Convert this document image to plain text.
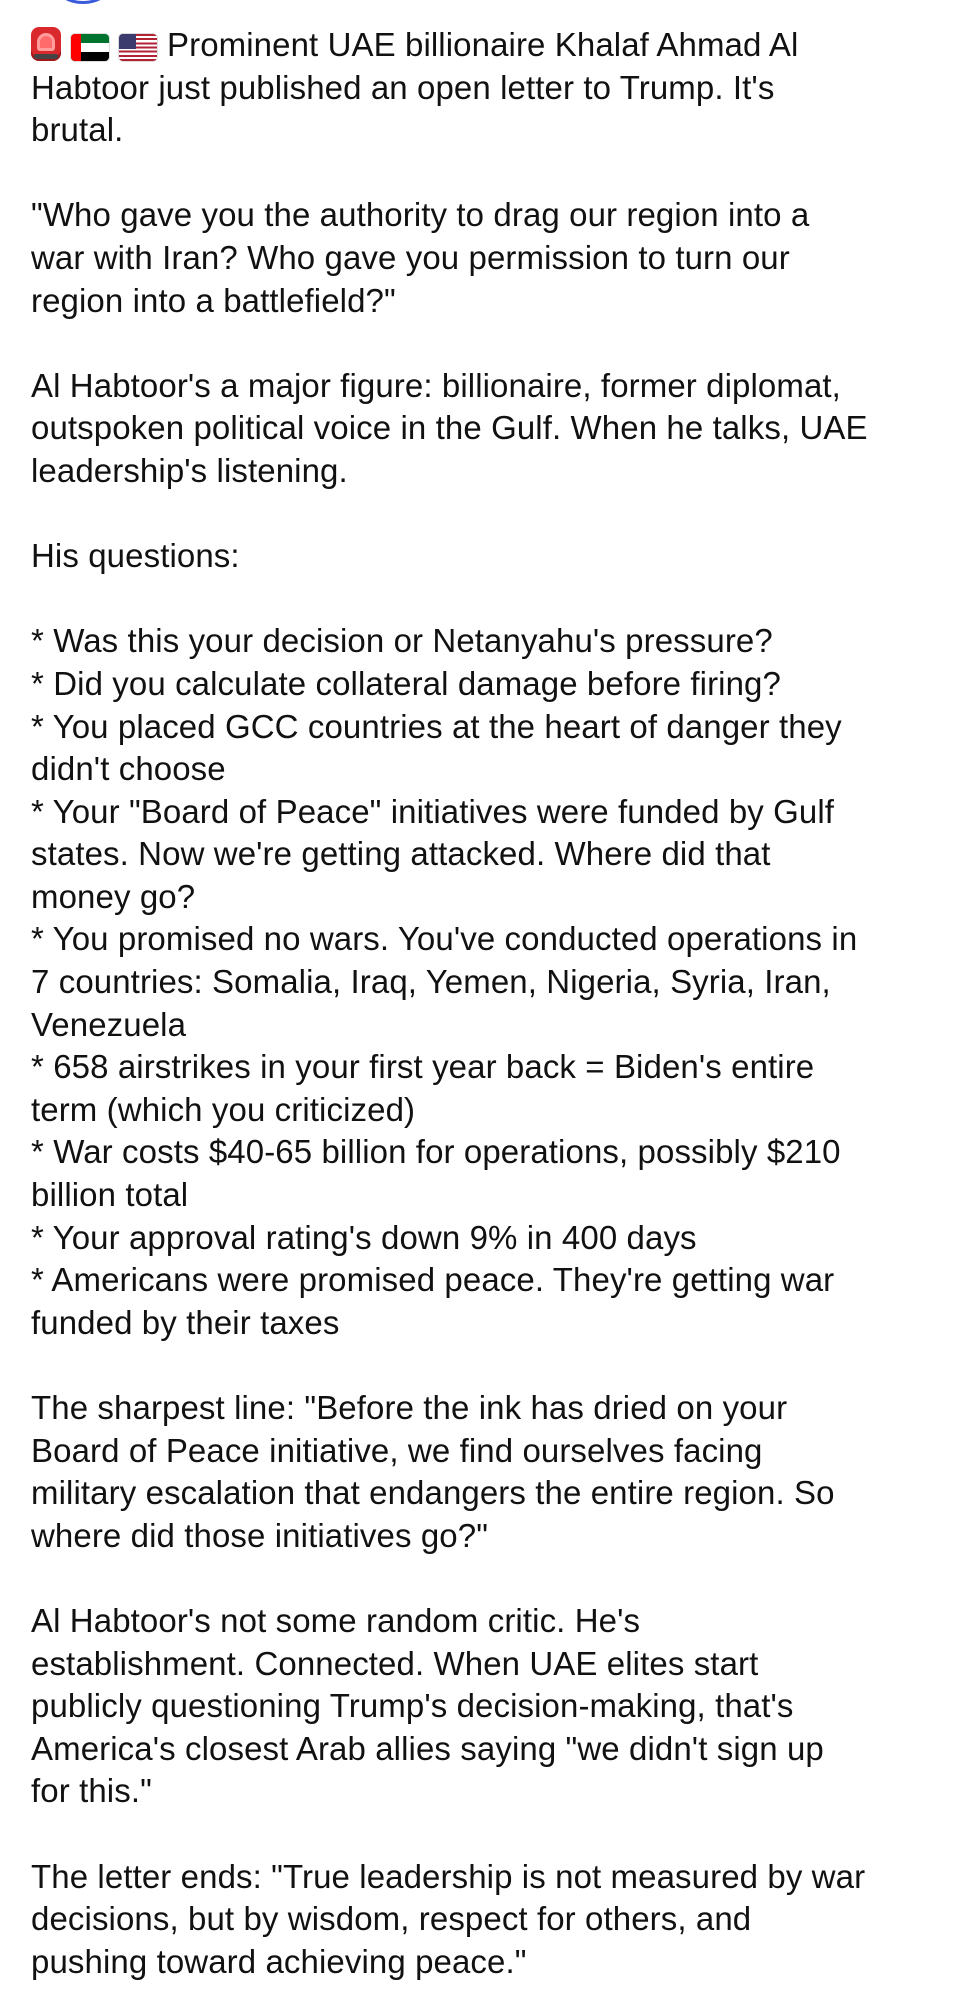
Prominent UAE billionaire Khalaf Ahmad Al
Habtoor just published an open letter to Trump. It's
brutal.
"Who gave you the authority to drag our region into a
war with Iran? Who gave you permission to turn our
region into a battlefield?"
Al Habtoor's a major figure: billionaire, former diplomat,
outspoken political voice in the Gulf. When he talks, UAE
leadership's listening.
His questions:
* Was this your decision or Netanyahu's pressure?
* Did you calculate collateral damage before firing?
* You placed GCC countries at the heart of danger they
didn't choose
* Your "Board of Peace" initiatives were funded by Gulf
states. Now we're getting attacked. Where did that
money go?
* You promised no wars. You've conducted operations in
7 countries: Somalia, Iraq, Yemen, Nigeria, Syria, Iran,
Venezuela
* 658 airstrikes in your first year back = Biden's entire
term (which you criticized)
* War costs $40-65 billion for operations, possibly $210
billion total
* Your approval rating's down 9% in 400 days
* Americans were promised peace. They're getting war
funded by their taxes
The sharpest line: "Before the ink has dried on your
Board of Peace initiative, we find ourselves facing
military escalation that endangers the entire region. So
where did those initiatives go?"
Al Habtoor's not some random critic. He's
establishment. Connected. When UAE elites start
publicly questioning Trump's decision-making, that's
America's closest Arab allies saying "we didn't sign up
for this."
The letter ends: "True leadership is not measured by war
decisions, but by wisdom, respect for others, and
pushing toward achieving peace."
